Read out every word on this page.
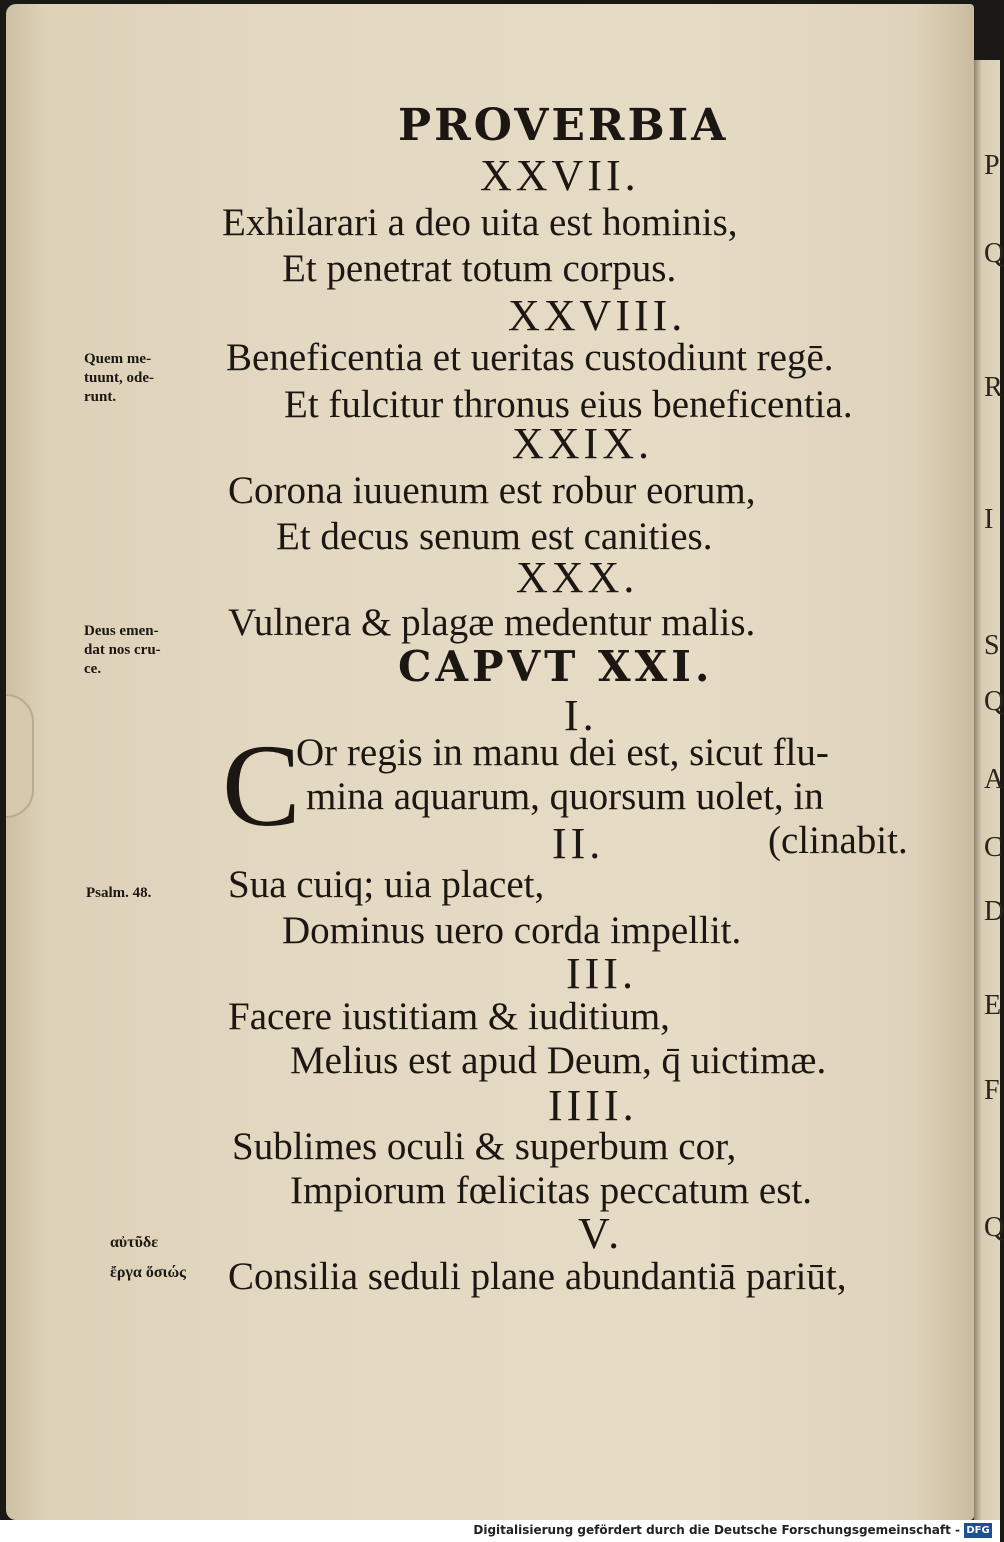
P
Q
R
I
S
Q
A
C
D
E
F
Q
PROVERBIA
XXVII.
Exhilarari a deo uita est hominis,
Et penetrat totum corpus.
XXVIII.
Beneficentia et ueritas custodiunt regē.
Et fulcitur thronus eius beneficentia.
XXIX.
Corona iuuenum est robur eorum,
Et decus senum est canities.
XXX.
Vulnera & plagæ medentur malis.
CAPVT XXI.
I.
C
Or regis in manu dei est, sicut flu-
mina aquarum, quorsum uolet, in
II.	(clinabit.
Sua cuiq; uia placet,
Dominus uero corda impellit.
III.
Facere iustitiam & iuditium,
Melius est apud Deum, q̄ uictimæ.
IIII.
Sublimes oculi & superbum cor,
Impiorum fœlicitas peccatum est.
V.
Consilia seduli plane abundantiā pariūt,
Quem me-
tuunt, ode-
runt.
Deus emen-
dat nos cru-
ce.
Psalm. 48.
αὐτῦδε
ἔργα ὅσιώς
Digitalisierung gefördert durch die Deutsche Forschungsgemeinschaft - DFG
